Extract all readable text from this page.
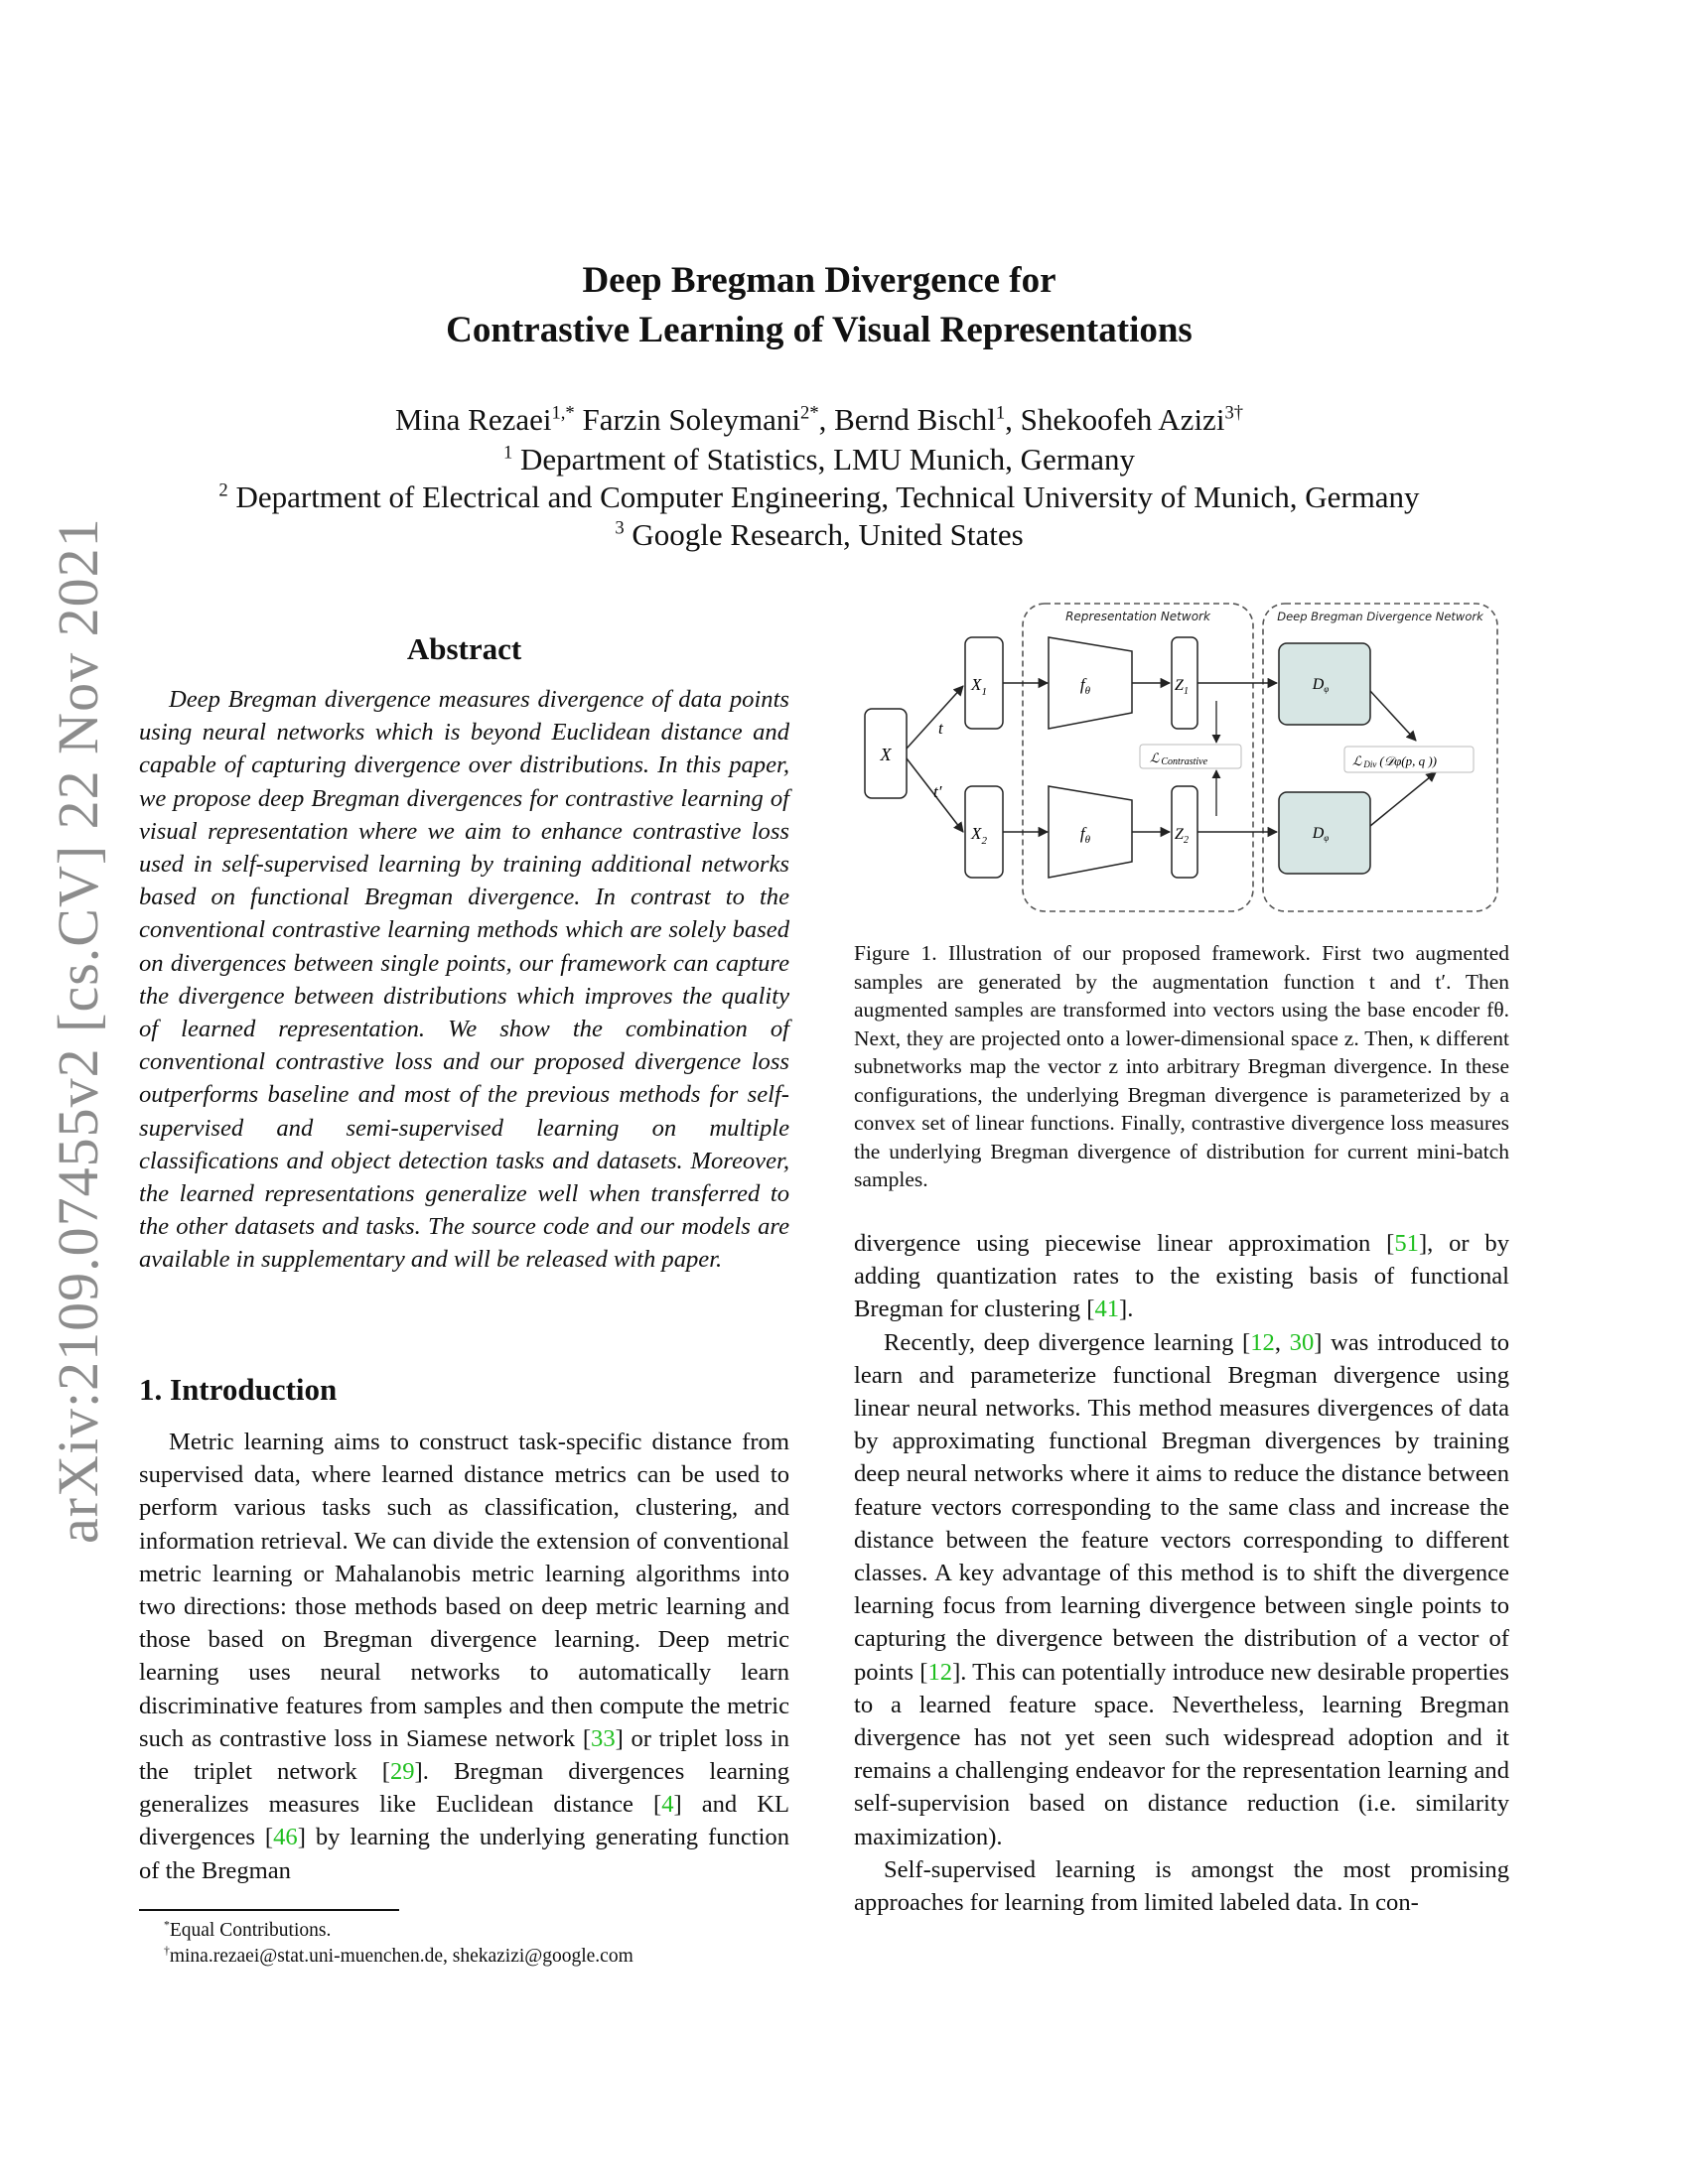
arXiv:2109.07455v2 [cs.CV] 22 Nov 2021
Deep Bregman Divergence for
Contrastive Learning of Visual Representations
Mina Rezaei$^{1,*}$ Farzin Soleymani$^{2*}$, Bernd Bischl$^1$, Shekoofeh Azizi$^{3\dagger}$
$^1$ Department of Statistics, LMU Munich, Germany
$^2$ Department of Electrical and Computer Engineering, Technical University of Munich, Germany
$^3$ Google Research, United States
Abstract
Deep Bregman divergence measures divergence of data points using neural networks which is beyond Euclidean distance and capable of capturing divergence over distributions. In this paper, we propose deep Bregman divergences for contrastive learning of visual representation where we aim to enhance contrastive loss used in self-supervised learning by training additional networks based on functional Bregman divergence. In contrast to the conventional contrastive learning methods which are solely based on divergences between single points, our framework can capture the divergence between distributions which improves the quality of learned representation. We show the combination of conventional contrastive loss and our proposed divergence loss outperforms baseline and most of the previous methods for self-supervised and semi-supervised learning on multiple classifications and object detection tasks and datasets. Moreover, the learned representations generalize well when transferred to the other datasets and tasks. The source code and our models are available in supplementary and will be released with paper.
1. Introduction
Metric learning aims to construct task-specific distance from supervised data, where learned distance metrics can be used to perform various tasks such as classification, clustering, and information retrieval. We can divide the extension of conventional metric learning or Mahalanobis metric learning algorithms into two directions: those methods based on deep metric learning and those based on Bregman divergence learning. Deep metric learning uses neural networks to automatically learn discriminative features from samples and then compute the metric such as contrastive loss in Siamese network [33] or triplet loss in the triplet network [29]. Bregman divergences learning generalizes measures like Euclidean distance [4] and KL divergences [46] by learning the underlying generating function of the Bregman
*Equal Contributions.
†mina.rezaei@stat.uni-muenchen.de, shekazizi@google.com
Representation Network	Deep Bregman Divergence Network
X
t
t′
$X_1$
$X_2$
$f_\theta$
$f_\theta$
$Z_1$
$Z_2$
ℒ Contrastive
Dφ
Dφ
ℒ Div (𝒟φ(p, q ))
Figure 1. Illustration of our proposed framework. First two augmented samples are generated by the augmentation function t and t′. Then augmented samples are transformed into vectors using the base encoder fθ. Next, they are projected onto a lower-dimensional space z. Then, κ different subnetworks map the vector z into arbitrary Bregman divergence. In these configurations, the underlying Bregman divergence is parameterized by a convex set of linear functions. Finally, contrastive divergence loss measures the underlying Bregman divergence of distribution for current mini-batch samples.

divergence using piecewise linear approximation [51], or by adding quantization rates to the existing basis of functional Bregman for clustering [41].

Recently, deep divergence learning [12, 30] was introduced to learn and parameterize functional Bregman divergence using linear neural networks. This method measures divergences of data by approximating functional Bregman divergences by training deep neural networks where it aims to reduce the distance between feature vectors corresponding to the same class and increase the distance between the feature vectors corresponding to different classes. A key advantage of this method is to shift the divergence learning focus from learning divergence between single points to capturing the divergence between the distribution of a vector of points [12]. This can potentially introduce new desirable properties to a learned feature space. Nevertheless, learning Bregman divergence has not yet seen such widespread adoption and it remains a challenging endeavor for the representation learning and self-supervision based on distance reduction (i.e. similarity maximization).

Self-supervised learning is amongst the most promising approaches for learning from limited labeled data. In con-
